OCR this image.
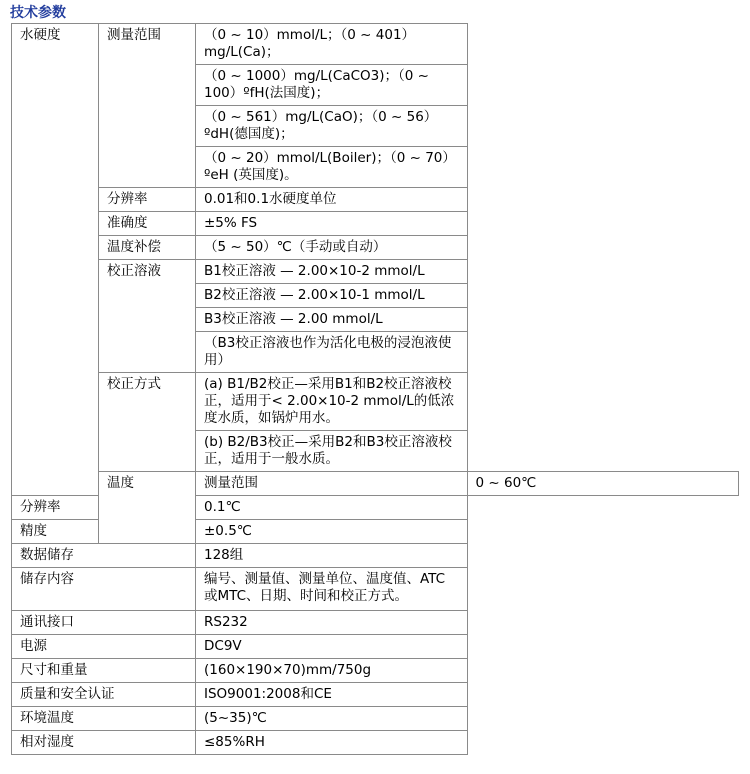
技术参数
水硬度	测量范围	（0 ~ 10）mmol/L；（0 ~ 401）mg/L(Ca)；	
		（0 ~ 1000）mg/L(CaCO3)；（0 ~ 100）ºfH(法国度)；	
		（0 ~ 561）mg/L(CaO)；（0 ~ 56）ºdH(德国度)；	
		（0 ~ 20）mmol/L(Boiler)；（0 ~ 70）ºeH (英国度)。	
	分辨率	0.01和0.1水硬度单位	
	准确度	±5% FS	
	温度补偿	（5 ~ 50）℃（手动或自动）	
	校正溶液	B1校正溶液 — 2.00×10-2 mmol/L	
		B2校正溶液 — 2.00×10-1 mmol/L	
		B3校正溶液 — 2.00 mmol/L	
		（B3校正溶液也作为活化电极的浸泡液使用）	
	校正方式	(a) B1/B2校正—采用B1和B2校正溶液校正，适用于< 2.00×10-2 mmol/L的低浓度水质，如锅炉用水。	
		(b) B2/B3校正—采用B2和B3校正溶液校正，适用于一般水质。	
	温度	测量范围	0 ~ 60℃
分辨率		0.1℃	
精度		±0.5℃	
数据储存		128组	
储存内容		编号、测量值、测量单位、温度值、ATC或MTC、日期、时间和校正方式。	
通讯接口		RS232	
电源		DC9V	
尺寸和重量		(160×190×70)mm/750g	
质量和安全认证		ISO9001:2008和CE	
环境温度		(5~35)℃	
相对湿度		≤85%RH	
